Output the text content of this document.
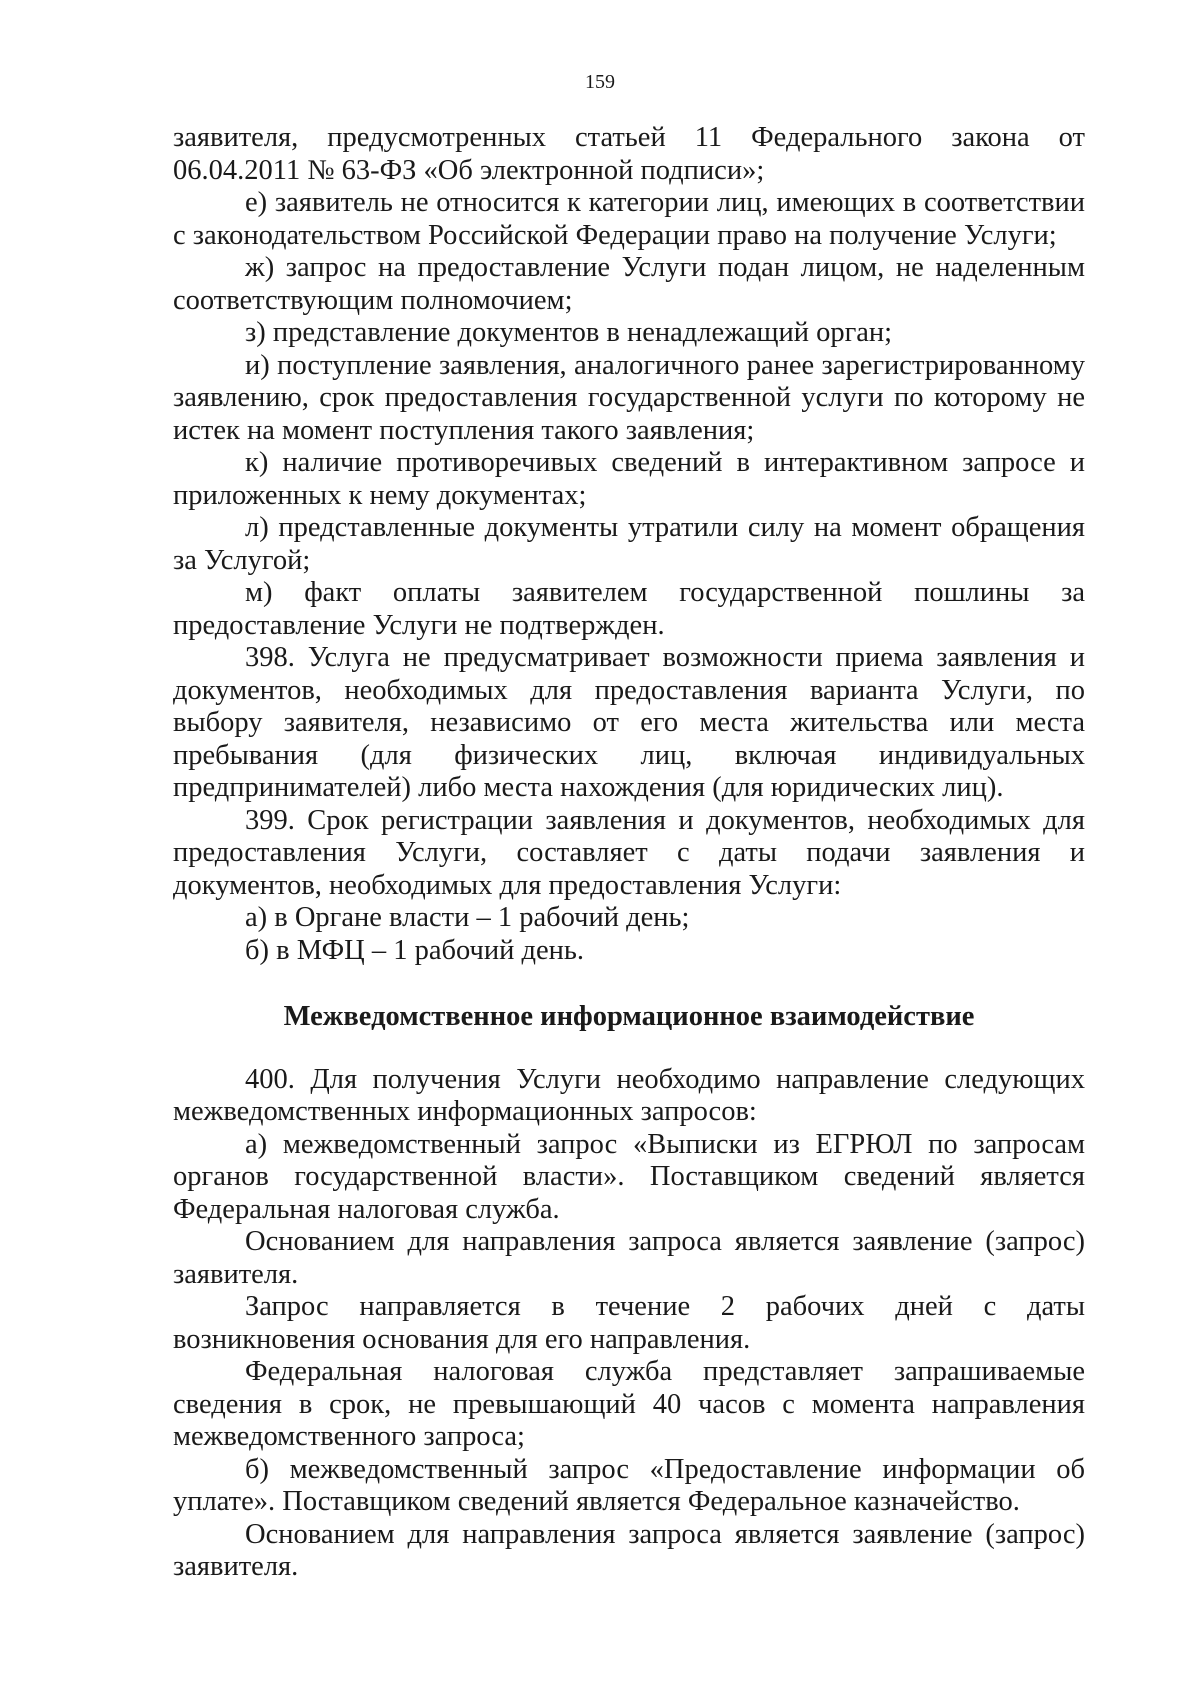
159

заявителя, предусмотренных статьей 11 Федерального закона от 06.04.2011 № 63-ФЗ «Об электронной подписи»;

е) заявитель не относится к категории лиц, имеющих в соответствии с законодательством Российской Федерации право на получение Услуги;

ж) запрос на предоставление Услуги подан лицом, не наделенным соответствующим полномочием;

з) представление документов в ненадлежащий орган;

и) поступление заявления, аналогичного ранее зарегистрированному заявлению, срок предоставления государственной услуги по которому не истек на момент поступления такого заявления;

к) наличие противоречивых сведений в интерактивном запросе и приложенных к нему документах;

л) представленные документы утратили силу на момент обращения за Услугой;

м) факт оплаты заявителем государственной пошлины за предоставление Услуги не подтвержден.

398. Услуга не предусматривает возможности приема заявления и документов, необходимых для предоставления варианта Услуги, по выбору заявителя, независимо от его места жительства или места пребывания (для физических лиц, включая индивидуальных предпринимателей) либо места нахождения (для юридических лиц).

399. Срок регистрации заявления и документов, необходимых для предоставления Услуги, составляет с даты подачи заявления и документов, необходимых для предоставления Услуги:

а) в Органе власти – 1 рабочий день;

б) в МФЦ – 1 рабочий день.

Межведомственное информационное взаимодействие

400. Для получения Услуги необходимо направление следующих межведомственных информационных запросов:

а) межведомственный запрос «Выписки из ЕГРЮЛ по запросам органов государственной власти». Поставщиком сведений является Федеральная налоговая служба.

Основанием для направления запроса является заявление (запрос) заявителя.

Запрос направляется в течение 2 рабочих дней с даты возникновения основания для его направления.

Федеральная налоговая служба представляет запрашиваемые сведения в срок, не превышающий 40 часов с момента направления межведомственного запроса;

б) межведомственный запрос «Предоставление информации об уплате». Поставщиком сведений является Федеральное казначейство.

Основанием для направления запроса является заявление (запрос) заявителя.
